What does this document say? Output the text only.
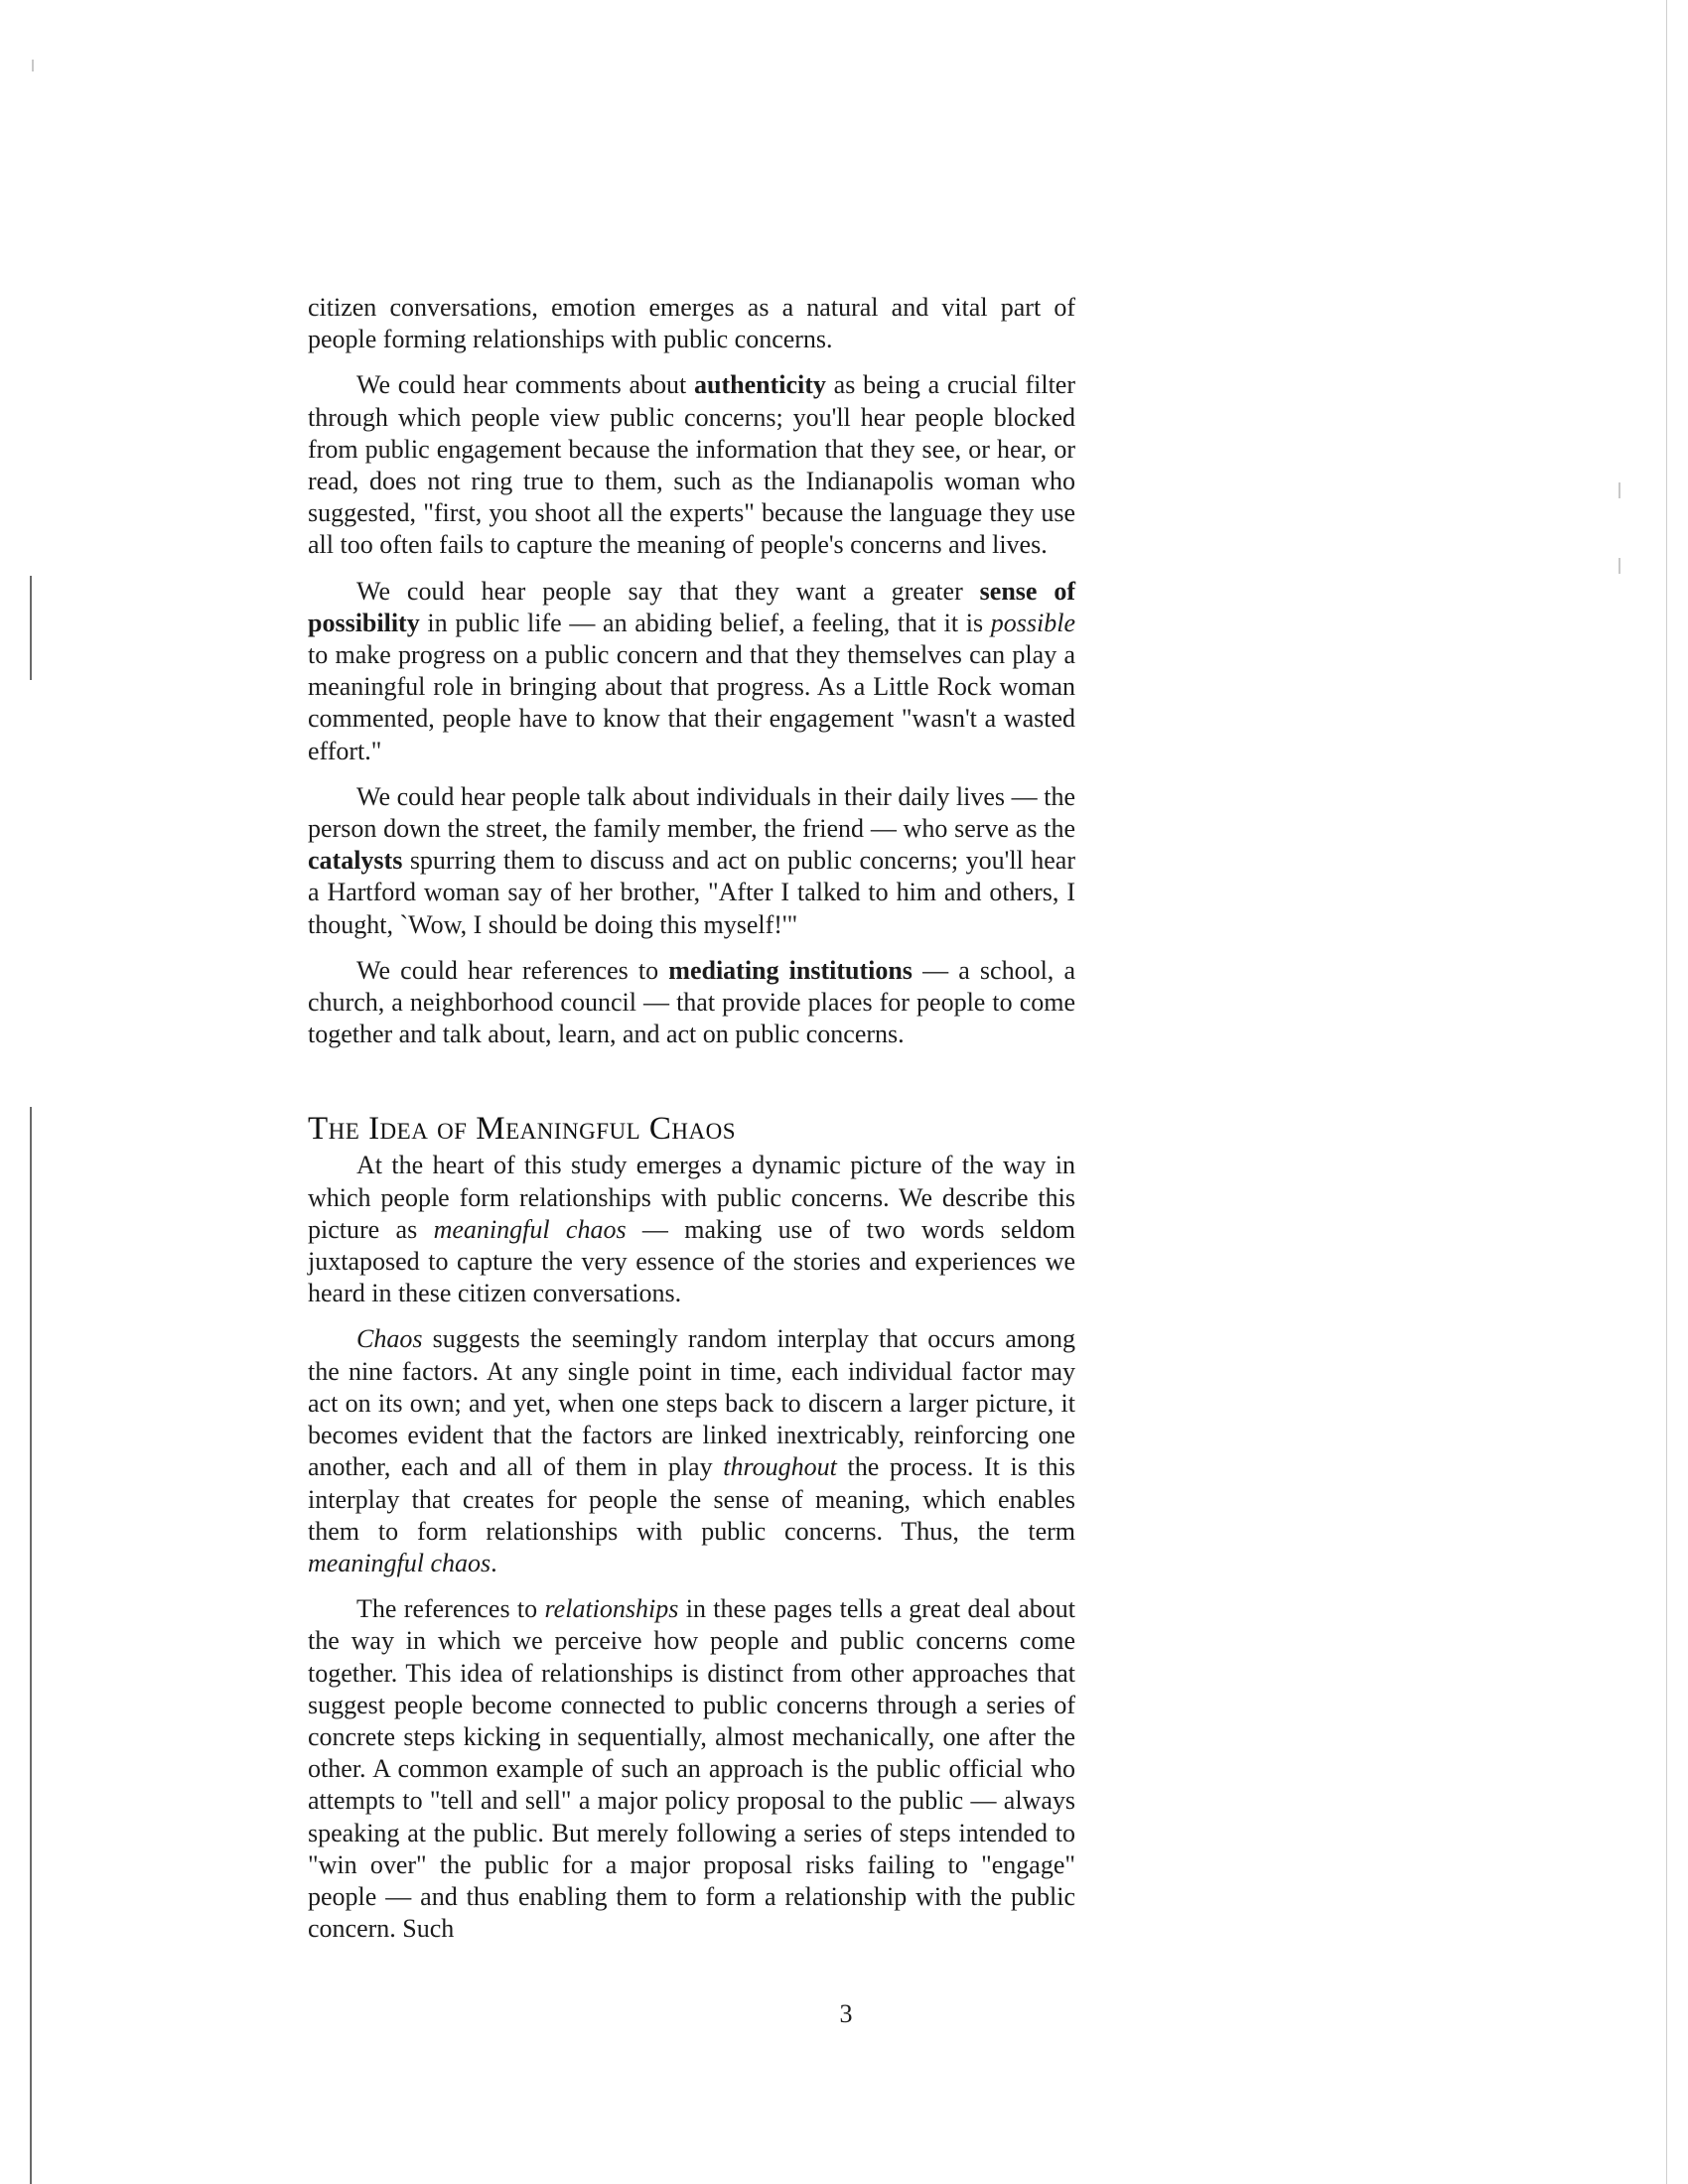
citizen conversations, emotion emerges as a natural and vital part of people forming relationships with public concerns.

We could hear comments about authenticity as being a crucial filter through which people view public concerns; you'll hear people blocked from public engagement because the information that they see, or hear, or read, does not ring true to them, such as the Indianapolis woman who suggested, "first, you shoot all the experts" because the language they use all too often fails to capture the meaning of people's concerns and lives.

We could hear people say that they want a greater sense of possibility in public life — an abiding belief, a feeling, that it is possible to make progress on a public concern and that they themselves can play a meaningful role in bringing about that progress. As a Little Rock woman commented, people have to know that their engagement "wasn't a wasted effort."

We could hear people talk about individuals in their daily lives — the person down the street, the family member, the friend — who serve as the catalysts spurring them to discuss and act on public concerns; you'll hear a Hartford woman say of her brother, "After I talked to him and others, I thought, `Wow, I should be doing this myself!'"

We could hear references to mediating institutions — a school, a church, a neighborhood council — that provide places for people to come together and talk about, learn, and act on public concerns.

The Idea of Meaningful Chaos

At the heart of this study emerges a dynamic picture of the way in which people form relationships with public concerns. We describe this picture as meaningful chaos — making use of two words seldom juxtaposed to capture the very essence of the stories and experiences we heard in these citizen conversations.

Chaos suggests the seemingly random interplay that occurs among the nine factors. At any single point in time, each individual factor may act on its own; and yet, when one steps back to discern a larger picture, it becomes evident that the factors are linked inextricably, reinforcing one another, each and all of them in play throughout the process. It is this interplay that creates for people the sense of meaning, which enables them to form relationships with public concerns. Thus, the term meaningful chaos.

The references to relationships in these pages tells a great deal about the way in which we perceive how people and public concerns come together. This idea of relationships is distinct from other approaches that suggest people become connected to public concerns through a series of concrete steps kicking in sequentially, almost mechanically, one after the other. A common example of such an approach is the public official who attempts to "tell and sell" a major policy proposal to the public — always speaking at the public. But merely following a series of steps intended to "win over" the public for a major proposal risks failing to "engage" people — and thus enabling them to form a relationship with the public concern. Such

3
